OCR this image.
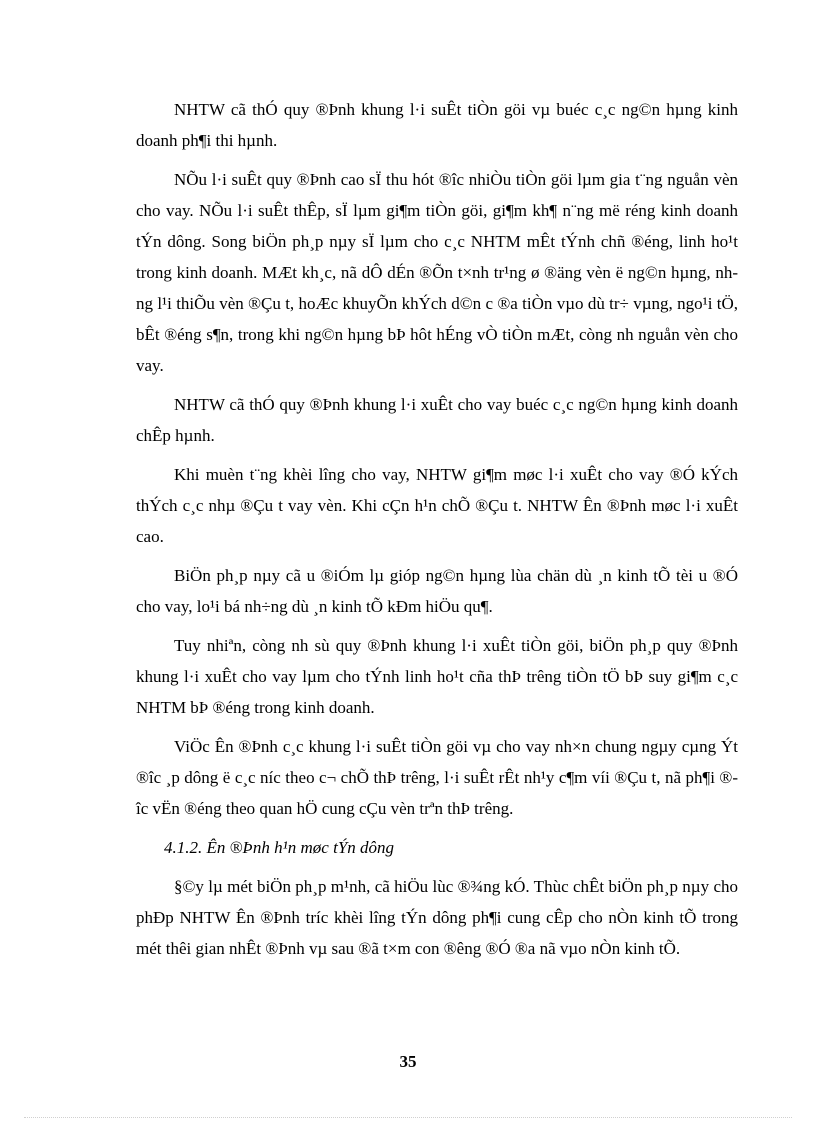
NHTW cã thÓ quy ®Þnh khung l·i suÊt tiÒn göi vµ buéc c¸c ng©n hµng kinh doanh ph¶i thi hµnh.

NÕu l·i suÊt quy ®Þnh cao sÏ thu hót ®îc nhiÒu tiÒn göi lµm gia t¨ng nguån vèn cho vay. NÕu l·i suÊt thÊp, sÏ lµm gi¶m tiÒn göi, gi¶m kh¶ n¨ng më réng kinh doanh tÝn dông. Song biÖn ph¸p nµy sÏ lµm cho c¸c NHTM mÊt tÝnh chñ ®éng, linh ho¹t trong kinh doanh. MÆt kh¸c, nã dÔ dÉn ®Õn t×nh tr¹ng ø ®äng vèn ë ng©n hµng, nhng l¹i thiÕu vèn ®Çu t, hoÆc khuyÕn khÝch d©n c ®a tiÒn vµo dù tr÷ vµng, ngo¹i tÖ, bÊt ®éng s¶n, trong khi ng©n hµng bÞ hôt hÉng vÒ tiÒn mÆt, còng nh nguån vèn cho vay.

NHTW cã thÓ quy ®Þnh khung l·i xuÊt cho vay buéc c¸c ng©n hµng kinh doanh chÊp hµnh.

Khi muèn t¨ng khèi lîng cho vay, NHTW gi¶m møc l·i xuÊt cho vay ®Ó kÝch thÝch c¸c nhµ ®Çu t vay vèn. Khi cÇn h¹n chÕ ®Çu t. NHTW Ên ®Þnh møc l·i xuÊt cao.

BiÖn ph¸p nµy cã u ®iÓm lµ gióp ng©n hµng lùa chän dù ¸n kinh tÕ tèi u ®Ó cho vay, lo¹i bá nh÷ng dù ¸n kinh tÕ kÐm hiÖu qu¶.

Tuy nhiªn, còng nh sù quy ®Þnh khung l·i xuÊt tiÒn göi, biÖn ph¸p quy ®Þnh khung l·i xuÊt cho vay lµm cho tÝnh linh ho¹t cña thÞ trêng tiÒn tÖ bÞ suy gi¶m c¸c NHTM bÞ ®éng trong kinh doanh.

ViÖc Ên ®Þnh c¸c khung l·i suÊt tiÒn göi vµ cho vay nh×n chung ngµy cµng Ýt ®îc ¸p dông ë c¸c níc theo c¬ chÕ thÞ trêng, l·i suÊt rÊt nh¹y c¶m víi ®Çu t, nã ph¶i ®îc vËn ®éng theo quan hÖ cung cÇu vèn trªn thÞ trêng.

4.1.2. Ên ®Þnh h¹n møc tÝn dông

§©y lµ mét biÖn ph¸p m¹nh, cã hiÖu lùc ®¾ng kÓ. Thùc chÊt biÖn ph¸p nµy cho phÐp NHTW Ên ®Þnh tríc khèi lîng tÝn dông ph¶i cung cÊp cho nÒn kinh tÕ trong mét thêi gian nhÊt ®Þnh vµ sau ®ã t×m con ®êng ®Ó ®a nã vµo nÒn kinh tÕ.

35
